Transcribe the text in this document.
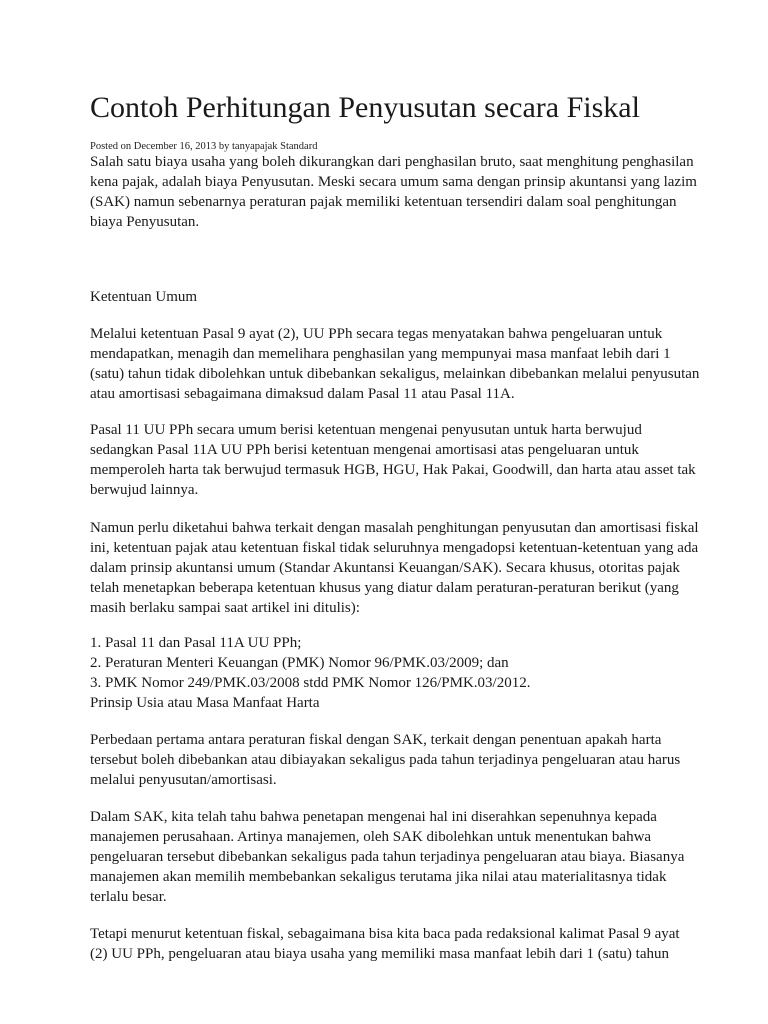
Contoh Perhitungan Penyusutan secara Fiskal
Posted on December 16, 2013 by tanyapajak Standard
Salah satu biaya usaha yang boleh dikurangkan dari penghasilan bruto, saat menghitung penghasilan
kena pajak, adalah biaya Penyusutan. Meski secara umum sama dengan prinsip akuntansi yang lazim
(SAK) namun sebenarnya peraturan pajak memiliki ketentuan tersendiri dalam soal penghitungan
biaya Penyusutan.
Ketentuan Umum
Melalui ketentuan Pasal 9 ayat (2), UU PPh secara tegas menyatakan bahwa pengeluaran untuk
mendapatkan, menagih dan memelihara penghasilan yang mempunyai masa manfaat lebih dari 1
(satu) tahun tidak dibolehkan untuk dibebankan sekaligus, melainkan dibebankan melalui penyusutan
atau amortisasi sebagaimana dimaksud dalam Pasal 11 atau Pasal 11A.
Pasal 11 UU PPh secara umum berisi ketentuan mengenai penyusutan untuk harta berwujud
sedangkan Pasal 11A UU PPh berisi ketentuan mengenai amortisasi atas pengeluaran untuk
memperoleh harta tak berwujud termasuk HGB, HGU, Hak Pakai, Goodwill, dan harta atau asset tak
berwujud lainnya.
Namun perlu diketahui bahwa terkait dengan masalah penghitungan penyusutan dan amortisasi fiskal
ini, ketentuan pajak atau ketentuan fiskal tidak seluruhnya mengadopsi ketentuan-ketentuan yang ada
dalam prinsip akuntansi umum (Standar Akuntansi Keuangan/SAK). Secara khusus, otoritas pajak
telah menetapkan beberapa ketentuan khusus yang diatur dalam peraturan-peraturan berikut (yang
masih berlaku sampai saat artikel ini ditulis):
1. Pasal 11 dan Pasal 11A UU PPh;
2. Peraturan Menteri Keuangan (PMK) Nomor 96/PMK.03/2009; dan
3. PMK Nomor 249/PMK.03/2008 stdd PMK Nomor 126/PMK.03/2012.
Prinsip Usia atau Masa Manfaat Harta
Perbedaan pertama antara peraturan fiskal dengan SAK, terkait dengan penentuan apakah harta
tersebut boleh dibebankan atau dibiayakan sekaligus pada tahun terjadinya pengeluaran atau harus
melalui penyusutan/amortisasi.
Dalam SAK, kita telah tahu bahwa penetapan mengenai hal ini diserahkan sepenuhnya kepada
manajemen perusahaan. Artinya manajemen, oleh SAK dibolehkan untuk menentukan bahwa
pengeluaran tersebut dibebankan sekaligus pada tahun terjadinya pengeluaran atau biaya. Biasanya
manajemen akan memilih membebankan sekaligus terutama jika nilai atau materialitasnya tidak
terlalu besar.
Tetapi menurut ketentuan fiskal, sebagaimana bisa kita baca pada redaksional kalimat Pasal 9 ayat
(2) UU PPh, pengeluaran atau biaya usaha yang memiliki masa manfaat lebih dari 1 (satu) tahun
